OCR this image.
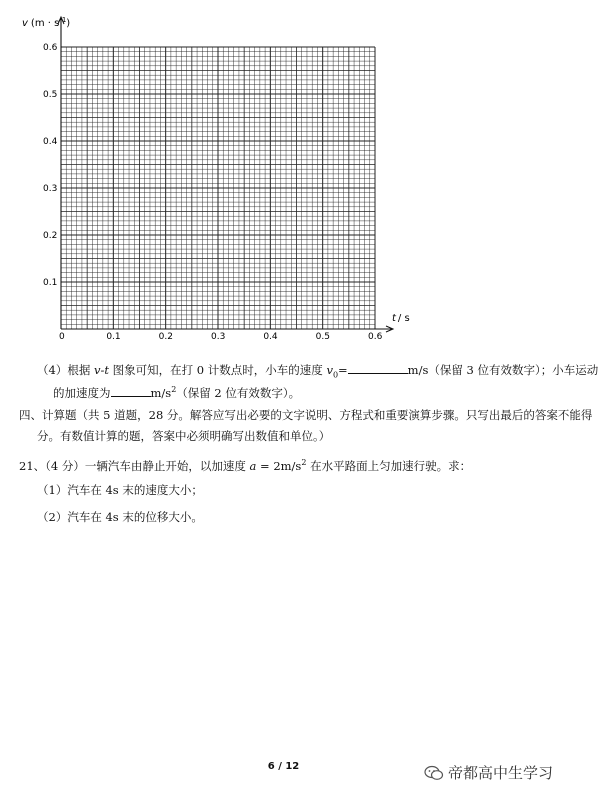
0.1	0.2	0.3	0.4	0.5	0.6
0.1
0.2
0.3
0.4
0.5
0.6
v $(m \cdot s^{-1})$
t / s
0
（4）根据 v-t 图象可知，在打 0 计数点时，小车的速度 $v_0=$	m/s（保留 3 位有效数字）；小车运动
的加速度为	$m/s^2$（保留 2 位有效数字）。
四、计算题（共 5 道题，28 分。解答应写出必要的文字说明、方程式和重要演算步骤。只写出最后的答案不能得
分。有数值计算的题，答案中必须明确写出数值和单位。）
21、（4 分）一辆汽车由静止开始，以加速度 $a = 2m/s^2$ 在水平路面上匀加速行驶。求：
（1）汽车在 4s 末的速度大小；
（2）汽车在 4s 末的位移大小。
6 / 12	帝都高中生学习
